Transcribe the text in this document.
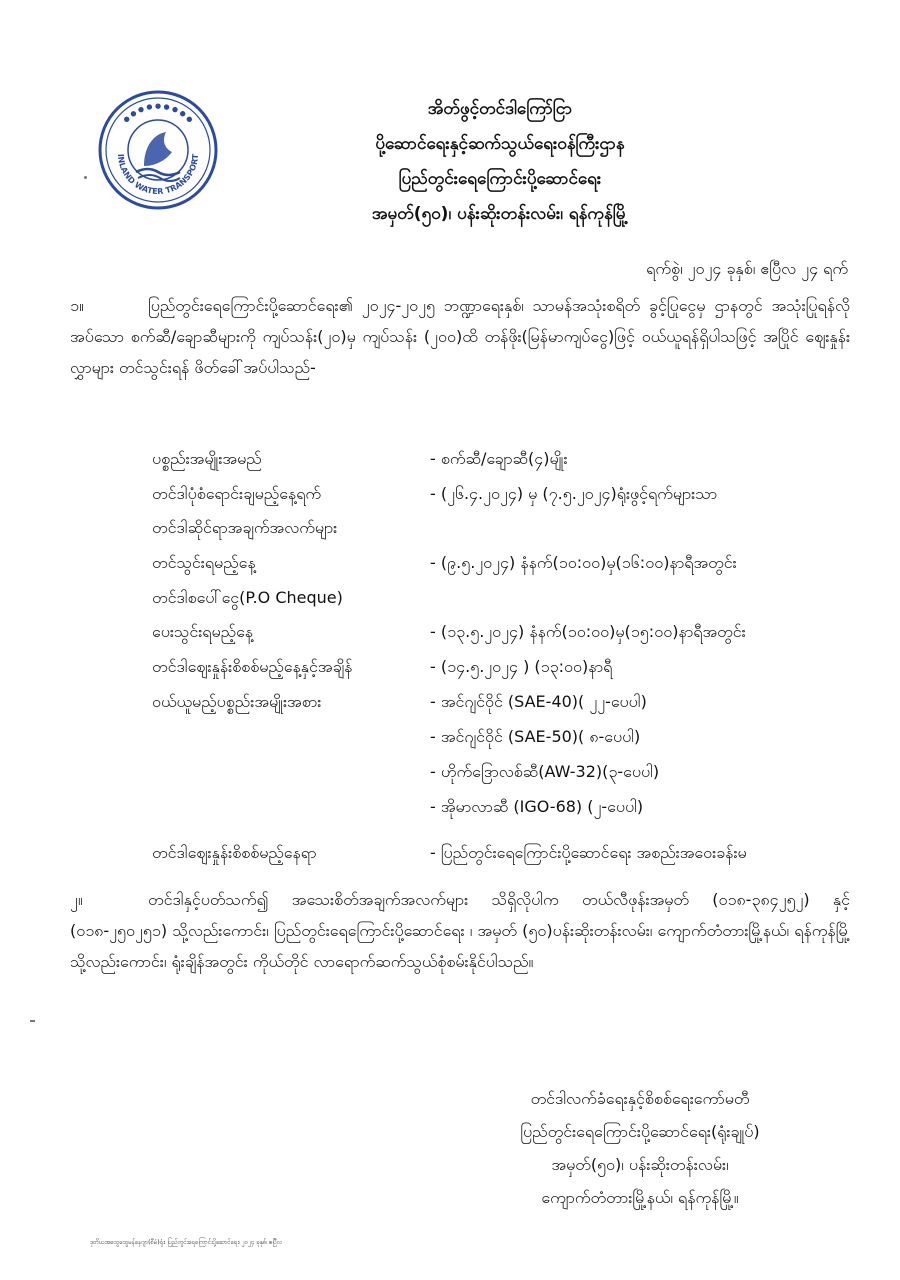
INLAND WATER TRANSPORT
● ● ● ● ● ● ● ● ●
အိတ်ဖွင့်တင်ဒါကြော်ငြာ
ပို့ဆောင်ရေးနှင့်ဆက်သွယ်ရေးဝန်ကြီးဌာန
ပြည်တွင်းရေကြောင်းပို့ဆောင်ရေး
အမှတ်(၅၀)၊ ပန်းဆိုးတန်းလမ်း၊ ရန်ကုန်မြို့
ရက်စွဲ၊ ၂၀၂၄ ခုနှစ်၊ ဧပြီလ ၂၄ ရက်
၁။	ပြည်တွင်းရေကြောင်းပို့ဆောင်ရေး၏ ၂၀၂၄-၂၀၂၅ ဘဏ္ဍာရေးနှစ်၊ သာမန်အသုံးစရိတ် ခွင့်ပြုငွေမှ ဌာနတွင် အသုံးပြုရန်လိုအပ်သော စက်ဆီ/ချောဆီများကို ကျပ်သန်း(၂၀)မှ ကျပ်သန်း (၂၀၀)ထိ တန်ဖိုး(မြန်မာကျပ်ငွေ)ဖြင့် ဝယ်ယူရန်ရှိပါသဖြင့် အပြိုင် ဈေးနှုန်းလွှာများ တင်သွင်းရန် ဖိတ်ခေါ်အပ်ပါသည်-
ပစ္စည်းအမျိုးအမည်	- စက်ဆီ/ချောဆီ(၄)မျိုး
တင်ဒါပုံစံရောင်းချမည့်နေ့ရက်	- (၂၆.၄.၂၀၂၄) မှ (၇.၅.၂၀၂၄)ရုံးဖွင့်ရက်များသာ
တင်ဒါဆိုင်ရာအချက်အလက်များ
တင်သွင်းရမည့်နေ့	- (၉.၅.၂၀၂၄) နံနက်(၁၀:၀၀)မှ(၁၆:၀၀)နာရီအတွင်း
တင်ဒါစပေါ်ငွေ(P.O Cheque)
ပေးသွင်းရမည့်နေ့	- (၁၃.၅.၂၀၂၄) နံနက်(၁၀:၀၀)မှ(၁၅:၀၀)နာရီအတွင်း
တင်ဒါဈေးနှုန်းစိစစ်မည့်နေ့နှင့်အချိန်	- (၁၄.၅.၂၀၂၄ ) (၁၃:၀၀)နာရီ
ဝယ်ယူမည့်ပစ္စည်းအမျိုးအစား	- အင်ဂျင်ဝိုင် (SAE-40)( ၂၂-ပေပါ)
- အင်ဂျင်ဝိုင် (SAE-50)( ၈-ပေပါ)
- ဟိုက်ဒြောလစ်ဆီ(AW-32)(၃-ပေပါ)
- အိုမာလာဆီ (IGO-68) (၂-ပေပါ)
တင်ဒါဈေးနှုန်းစိစစ်မည့်နေရာ	- ပြည်တွင်းရေကြောင်းပို့ဆောင်ရေး အစည်းအဝေးခန်းမ
၂။	တင်ဒါနှင့်ပတ်သက်၍ အသေးစိတ်အချက်အလက်များ သိရှိလိုပါက တယ်လီဖုန်းအမှတ် (၀၁၈-၃၈၄၂၅၂) နှင့် (၀၁၈-၂၅၀၂၅၁) သို့လည်းကောင်း၊ ပြည်တွင်းရေကြောင်းပို့ဆောင်ရေး ၊ အမှတ် (၅၀)ပန်းဆိုးတန်းလမ်း၊ ကျောက်တံတားမြို့နယ်၊ ရန်ကုန်မြို့သို့လည်းကောင်း၊ ရုံးချိန်အတွင်း ကိုယ်တိုင် လာရောက်ဆက်သွယ်စုံစမ်းနိုင်ပါသည်။
တင်ဒါလက်ခံရေးနှင့်စိစစ်ရေးကော်မတီ
ပြည်တွင်းရေကြောင်းပို့ဆောင်ရေး(ရုံးချုပ်)
အမှတ်(၅၀)၊ ပန်းဆိုးတန်းလမ်း၊
ကျောက်တံတားမြို့နယ်၊ ရန်ကုန်မြို့။
ဒုတိယအထွေထွေမန်နေဂျာ(စီမံ)ရုံး၊ ပြည်တွင်းရေကြောင်းပို့ဆောင်ရေး၊ ၂၀၂၄ ခုနှစ်၊ ဧပြီလ
